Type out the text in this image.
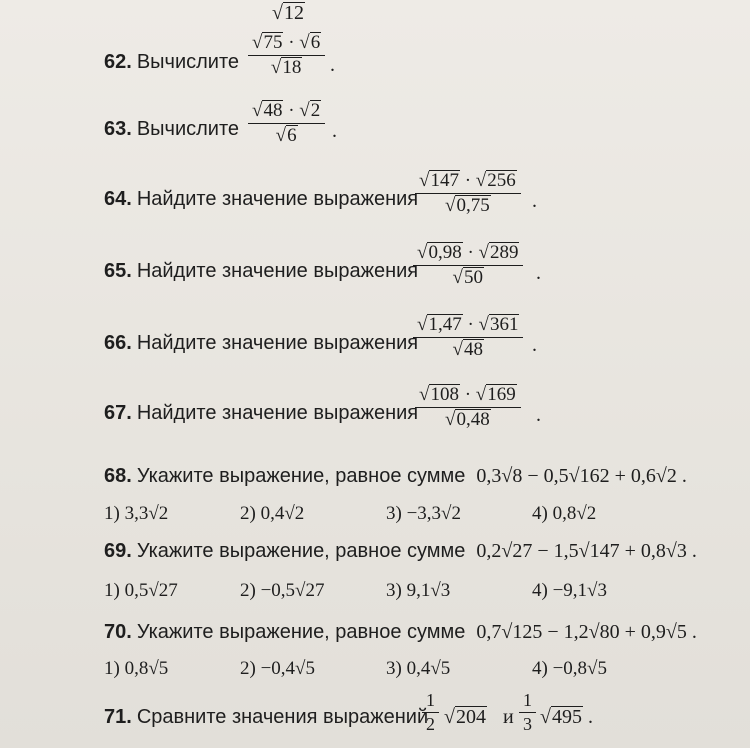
√12
62. Вычислите
√75 · √6
√18	.
63. Вычислите
√48 · √2
√6	.
64. Найдите значение выражения
√147 · √256
√0,75	.
65. Найдите значение выражения
√0,98 · √289
√50	.
66. Найдите значение выражения
√1,47 · √361
√48	.
67. Найдите значение выражения
√108 · √169
√0,48	.
68. Укажите выражение, равное сумме 0,3√8 − 0,5√162 + 0,6√2 .
1) 3,3√2	2) 0,4√2	3) −3,3√2	4) 0,8√2
69. Укажите выражение, равное сумме 0,2√27 − 1,5√147 + 0,8√3 .
1) 0,5√27	2) −0,5√27	3) 9,1√3	4) −9,1√3
70. Укажите выражение, равное сумме 0,7√125 − 1,2√80 + 0,9√5 .
1) 0,8√5	2) −0,4√5	3) 0,4√5	4) −0,8√5
71. Сравните значения выражений
1
2 √204 и
1
3 √495 .
